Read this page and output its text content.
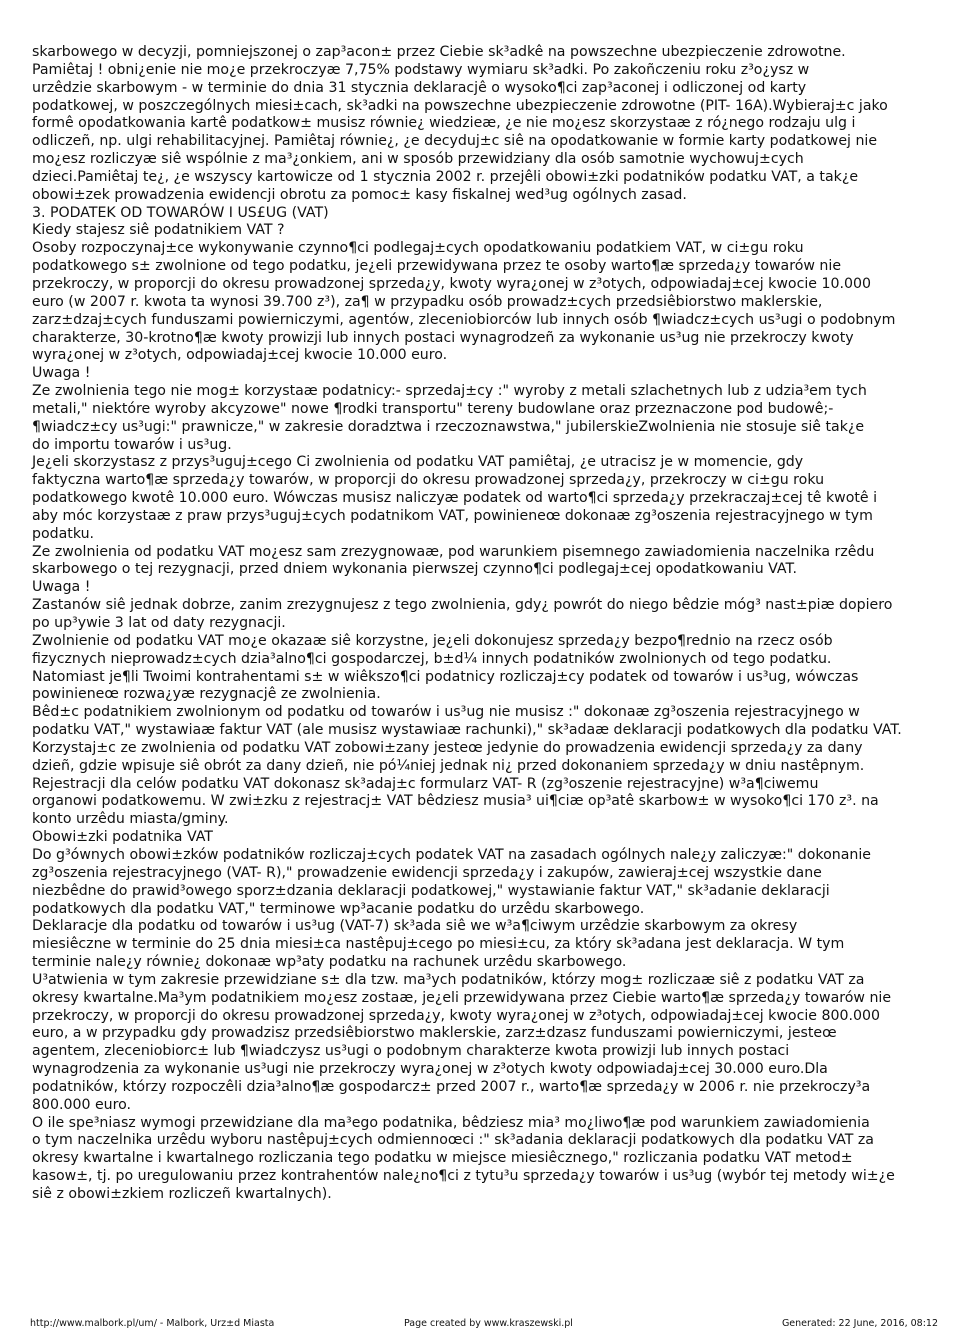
skarbowego w decyzji, pomniejszonej o zap³acon± przez Ciebie sk³adkê na powszechne ubezpieczenie zdrowotne.

Pamiêtaj ! obni¿enie nie mo¿e przekroczyæ 7,75% podstawy wymiaru sk³adki. Po zakoñczeniu roku z³o¿ysz w

urzêdzie skarbowym - w terminie do dnia 31 stycznia deklaracjê o wysoko¶ci zap³aconej i odliczonej od karty

podatkowej, w poszczególnych miesi±cach, sk³adki na powszechne ubezpieczenie zdrowotne (PIT- 16A).Wybieraj±c jako

formê opodatkowania kartê podatkow± musisz równie¿ wiedzieæ, ¿e nie mo¿esz skorzystaæ z ró¿nego rodzaju ulg i

odliczeñ, np. ulgi rehabilitacyjnej. Pamiêtaj równie¿, ¿e decyduj±c siê na opodatkowanie w formie karty podatkowej nie

mo¿esz rozliczyæ siê wspólnie z ma³¿onkiem, ani w sposób przewidziany dla osób samotnie wychowuj±cych

dzieci.Pamiêtaj te¿, ¿e wszyscy kartowicze od 1 stycznia 2002 r. przejêli obowi±zki podatników podatku VAT, a tak¿e

obowi±zek prowadzenia ewidencji obrotu za pomoc± kasy fiskalnej wed³ug ogólnych zasad.

3. PODATEK OD TOWARÓW I US£UG (VAT)

Kiedy stajesz siê podatnikiem VAT ?

Osoby rozpoczynaj±ce wykonywanie czynno¶ci podlegaj±cych opodatkowaniu podatkiem VAT, w ci±gu roku

podatkowego s± zwolnione od tego podatku, je¿eli przewidywana przez te osoby warto¶æ sprzeda¿y towarów nie

przekroczy, w proporcji do okresu prowadzonej sprzeda¿y, kwoty wyra¿onej w z³otych, odpowiadaj±cej kwocie 10.000

euro (w 2007 r. kwota ta wynosi 39.700 z³), za¶ w przypadku osób prowadz±cych przedsiêbiorstwo maklerskie,

zarz±dzaj±cych funduszami powierniczymi, agentów, zleceniobiorców lub innych osób ¶wiadcz±cych us³ugi o podobnym

charakterze, 30-krotno¶æ kwoty prowizji lub innych postaci wynagrodzeñ za wykonanie us³ug nie przekroczy kwoty

wyra¿onej w z³otych, odpowiadaj±cej kwocie 10.000 euro.

Uwaga !

Ze zwolnienia tego nie mog± korzystaæ podatnicy:- sprzedaj±cy :" wyroby z metali szlachetnych lub z udzia³em tych

metali," niektóre wyroby akcyzowe" nowe ¶rodki transportu" tereny budowlane oraz przeznaczone pod budowê;-

¶wiadcz±cy us³ugi:" prawnicze," w zakresie doradztwa i rzeczoznawstwa," jubilerskieZwolnienia nie stosuje siê tak¿e

do importu towarów i us³ug.

Je¿eli skorzystasz z przys³uguj±cego Ci zwolnienia od podatku VAT pamiêtaj, ¿e utracisz je w momencie, gdy

faktyczna warto¶æ sprzeda¿y towarów, w proporcji do okresu prowadzonej sprzeda¿y, przekroczy w ci±gu roku

podatkowego kwotê 10.000 euro. Wówczas musisz naliczyæ podatek od warto¶ci sprzeda¿y przekraczaj±cej tê kwotê i

aby móc korzystaæ z praw przys³uguj±cych podatnikom VAT, powinieneœ dokonaæ zg³oszenia rejestracyjnego w tym

podatku.

Ze zwolnienia od podatku VAT mo¿esz sam zrezygnowaæ, pod warunkiem pisemnego zawiadomienia naczelnika rzêdu

skarbowego o tej rezygnacji, przed dniem wykonania pierwszej czynno¶ci podlegaj±cej opodatkowaniu VAT.

Uwaga !

Zastanów siê jednak dobrze, zanim zrezygnujesz z tego zwolnienia, gdy¿ powrót do niego bêdzie móg³ nast±piæ dopiero

po up³ywie 3 lat od daty rezygnacji.

Zwolnienie od podatku VAT mo¿e okazaæ siê korzystne, je¿eli dokonujesz sprzeda¿y bezpo¶rednio na rzecz osób

fizycznych nieprowadz±cych dzia³alno¶ci gospodarczej, b±d¼ innych podatników zwolnionych od tego podatku.

Natomiast je¶li Twoimi kontrahentami s± w wiêkszo¶ci podatnicy rozliczaj±cy podatek od towarów i us³ug, wówczas

powinieneœ rozwa¿yæ rezygnacjê ze zwolnienia.

Bêd±c podatnikiem zwolnionym od podatku od towarów i us³ug nie musisz :" dokonaæ zg³oszenia rejestracyjnego w

podatku VAT," wystawiaæ faktur VAT (ale musisz wystawiaæ rachunki)," sk³adaæ deklaracji podatkowych dla podatku VAT.

Korzystaj±c ze zwolnienia od podatku VAT zobowi±zany jesteœ jedynie do prowadzenia ewidencji sprzeda¿y za dany

dzieñ, gdzie wpisuje siê obrót za dany dzieñ, nie pó¼niej jednak ni¿ przed dokonaniem sprzeda¿y w dniu nastêpnym.

Rejestracji dla celów podatku VAT dokonasz sk³adaj±c formularz VAT- R (zg³oszenie rejestracyjne) w³a¶ciwemu

organowi podatkowemu. W zwi±zku z rejestracj± VAT bêdziesz musia³ ui¶ciæ op³atê skarbow± w wysoko¶ci 170 z³. na

konto urzêdu miasta/gminy.

Obowi±zki podatnika VAT

Do g³ównych obowi±zków podatników rozliczaj±cych podatek VAT na zasadach ogólnych nale¿y zaliczyæ:" dokonanie

zg³oszenia rejestracyjnego (VAT- R)," prowadzenie ewidencji sprzeda¿y i zakupów, zawieraj±cej wszystkie dane

niezbêdne do prawid³owego sporz±dzania deklaracji podatkowej," wystawianie faktur VAT," sk³adanie deklaracji

podatkowych dla podatku VAT," terminowe wp³acanie podatku do urzêdu skarbowego.

Deklaracje dla podatku od towarów i us³ug (VAT-7) sk³ada siê we w³a¶ciwym urzêdzie skarbowym za okresy

miesiêczne w terminie do 25 dnia miesi±ca nastêpuj±cego po miesi±cu, za który sk³adana jest deklaracja. W tym

terminie nale¿y równie¿ dokonaæ wp³aty podatku na rachunek urzêdu skarbowego.

U³atwienia w tym zakresie przewidziane s± dla tzw. ma³ych podatników, którzy mog± rozliczaæ siê z podatku VAT za

okresy kwartalne.Ma³ym podatnikiem mo¿esz zostaæ, je¿eli przewidywana przez Ciebie warto¶æ sprzeda¿y towarów nie

przekroczy, w proporcji do okresu prowadzonej sprzeda¿y, kwoty wyra¿onej w z³otych, odpowiadaj±cej kwocie 800.000

euro, a w przypadku gdy prowadzisz przedsiêbiorstwo maklerskie, zarz±dzasz funduszami powierniczymi, jesteœ

agentem, zleceniobiorc± lub ¶wiadczysz us³ugi o podobnym charakterze kwota prowizji lub innych postaci

wynagrodzenia za wykonanie us³ugi nie przekroczy wyra¿onej w z³otych kwoty odpowiadaj±cej 30.000 euro.Dla

podatników, którzy rozpoczêli dzia³alno¶æ gospodarcz± przed 2007 r., warto¶æ sprzeda¿y w 2006 r. nie przekroczy³a

800.000 euro.

O ile spe³niasz wymogi przewidziane dla ma³ego podatnika, bêdziesz mia³ mo¿liwo¶æ pod warunkiem zawiadomienia

o tym naczelnika urzêdu wyboru nastêpuj±cych odmiennoœci :" sk³adania deklaracji podatkowych dla podatku VAT za

okresy kwartalne i kwartalnego rozliczania tego podatku w miejsce miesiêcznego," rozliczania podatku VAT metod±

kasow±, tj. po uregulowaniu przez kontrahentów nale¿no¶ci z tytu³u sprzeda¿y towarów i us³ug (wybór tej metody wi±¿e

siê z obowi±zkiem rozliczeñ kwartalnych).

http://www.malbork.pl/um/ - Malbork, Urz±d Miasta	Page created by www.kraszewski.pl	Generated: 22 June, 2016, 08:12
